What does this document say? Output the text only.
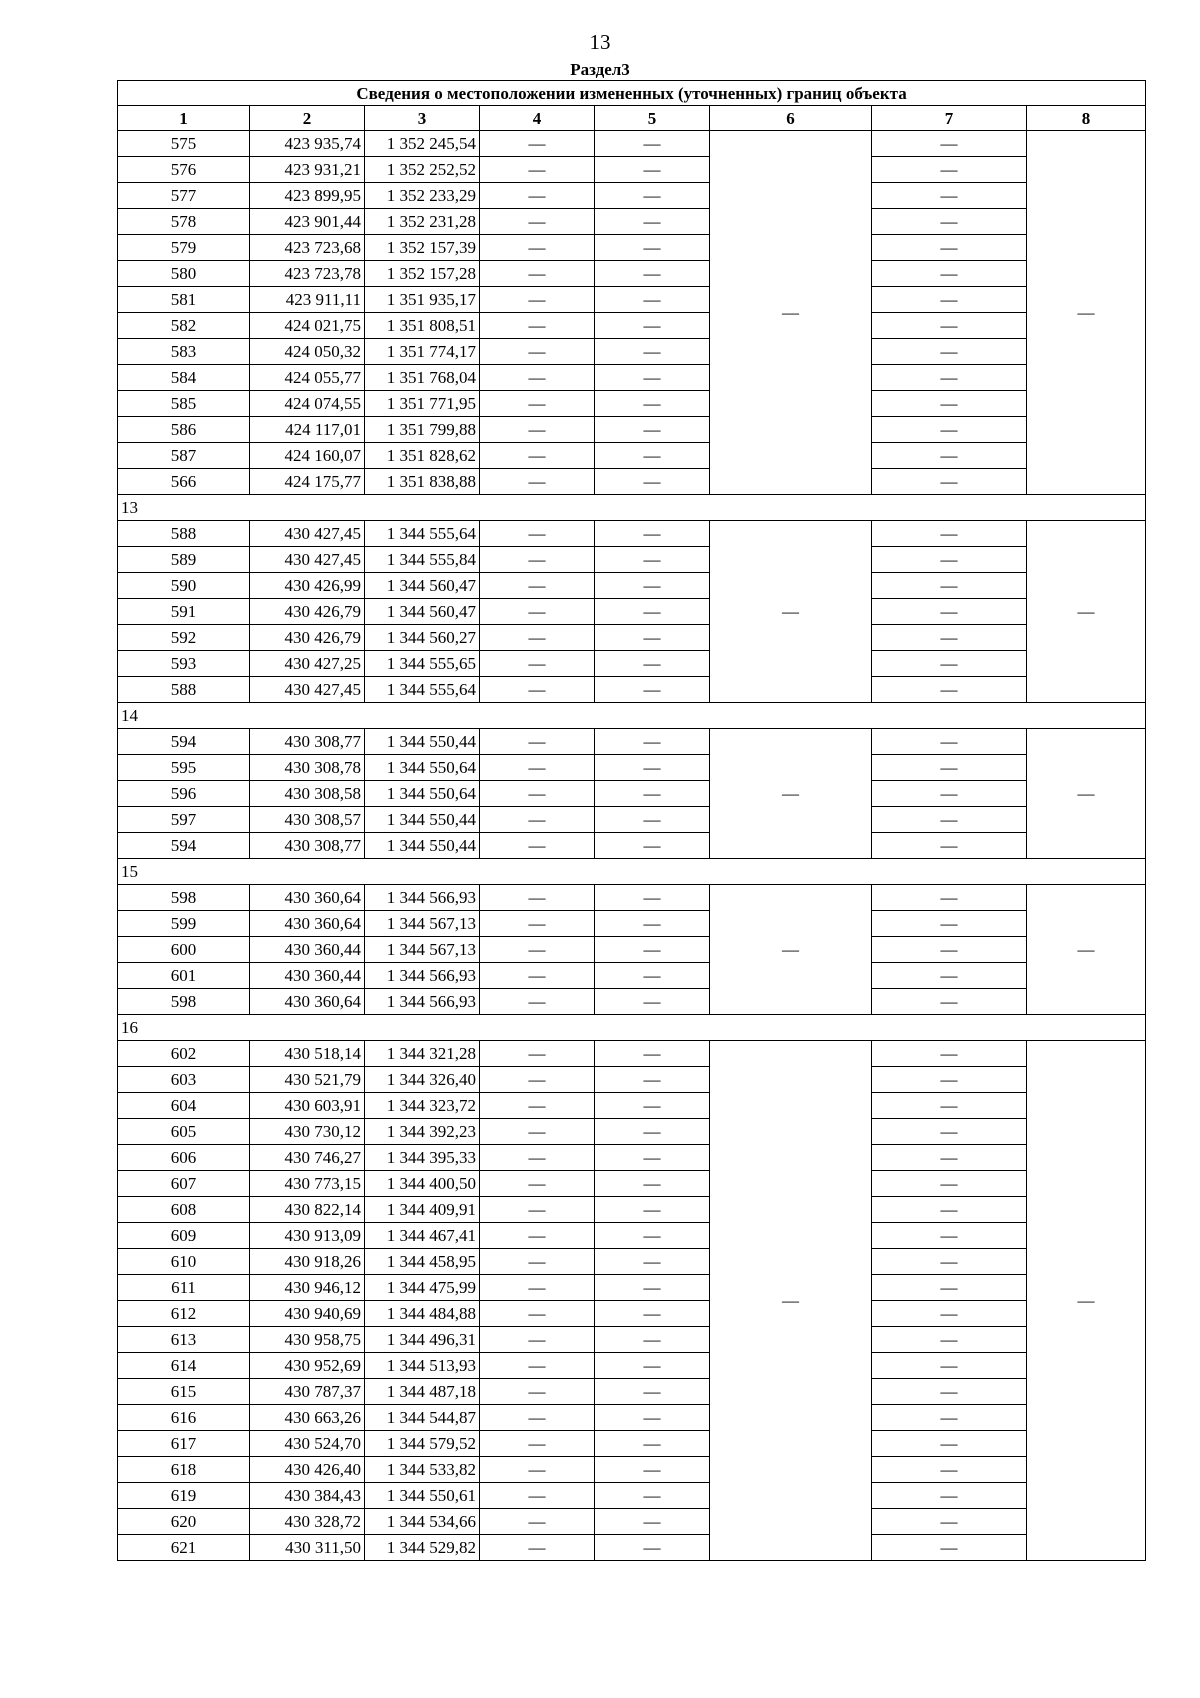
13
Раздел3
Сведения о местоположении измененных (уточненных) границ объекта							
1	2	3	4	5	6	7	8
575	423 935,74	1 352 245,54	—	—	—	—	—
576	423 931,21	1 352 252,52	—	—		—	
577	423 899,95	1 352 233,29	—	—		—	
578	423 901,44	1 352 231,28	—	—		—	
579	423 723,68	1 352 157,39	—	—		—	
580	423 723,78	1 352 157,28	—	—		—	
581	423 911,11	1 351 935,17	—	—		—	
582	424 021,75	1 351 808,51	—	—		—	
583	424 050,32	1 351 774,17	—	—		—	
584	424 055,77	1 351 768,04	—	—		—	
585	424 074,55	1 351 771,95	—	—		—	
586	424 117,01	1 351 799,88	—	—		—	
587	424 160,07	1 351 828,62	—	—		—	
566	424 175,77	1 351 838,88	—	—		—	
13							
588	430 427,45	1 344 555,64	—	—	—	—	—
589	430 427,45	1 344 555,84	—	—		—	
590	430 426,99	1 344 560,47	—	—		—	
591	430 426,79	1 344 560,47	—	—		—	
592	430 426,79	1 344 560,27	—	—		—	
593	430 427,25	1 344 555,65	—	—		—	
588	430 427,45	1 344 555,64	—	—		—	
14							
594	430 308,77	1 344 550,44	—	—	—	—	—
595	430 308,78	1 344 550,64	—	—		—	
596	430 308,58	1 344 550,64	—	—		—	
597	430 308,57	1 344 550,44	—	—		—	
594	430 308,77	1 344 550,44	—	—		—	
15							
598	430 360,64	1 344 566,93	—	—	—	—	—
599	430 360,64	1 344 567,13	—	—		—	
600	430 360,44	1 344 567,13	—	—		—	
601	430 360,44	1 344 566,93	—	—		—	
598	430 360,64	1 344 566,93	—	—		—	
16							
602	430 518,14	1 344 321,28	—	—	—	—	—
603	430 521,79	1 344 326,40	—	—		—	
604	430 603,91	1 344 323,72	—	—		—	
605	430 730,12	1 344 392,23	—	—		—	
606	430 746,27	1 344 395,33	—	—		—	
607	430 773,15	1 344 400,50	—	—		—	
608	430 822,14	1 344 409,91	—	—		—	
609	430 913,09	1 344 467,41	—	—		—	
610	430 918,26	1 344 458,95	—	—		—	
611	430 946,12	1 344 475,99	—	—		—	
612	430 940,69	1 344 484,88	—	—		—	
613	430 958,75	1 344 496,31	—	—		—	
614	430 952,69	1 344 513,93	—	—		—	
615	430 787,37	1 344 487,18	—	—		—	
616	430 663,26	1 344 544,87	—	—		—	
617	430 524,70	1 344 579,52	—	—		—	
618	430 426,40	1 344 533,82	—	—		—	
619	430 384,43	1 344 550,61	—	—		—	
620	430 328,72	1 344 534,66	—	—		—	
621	430 311,50	1 344 529,82	—	—		—	
